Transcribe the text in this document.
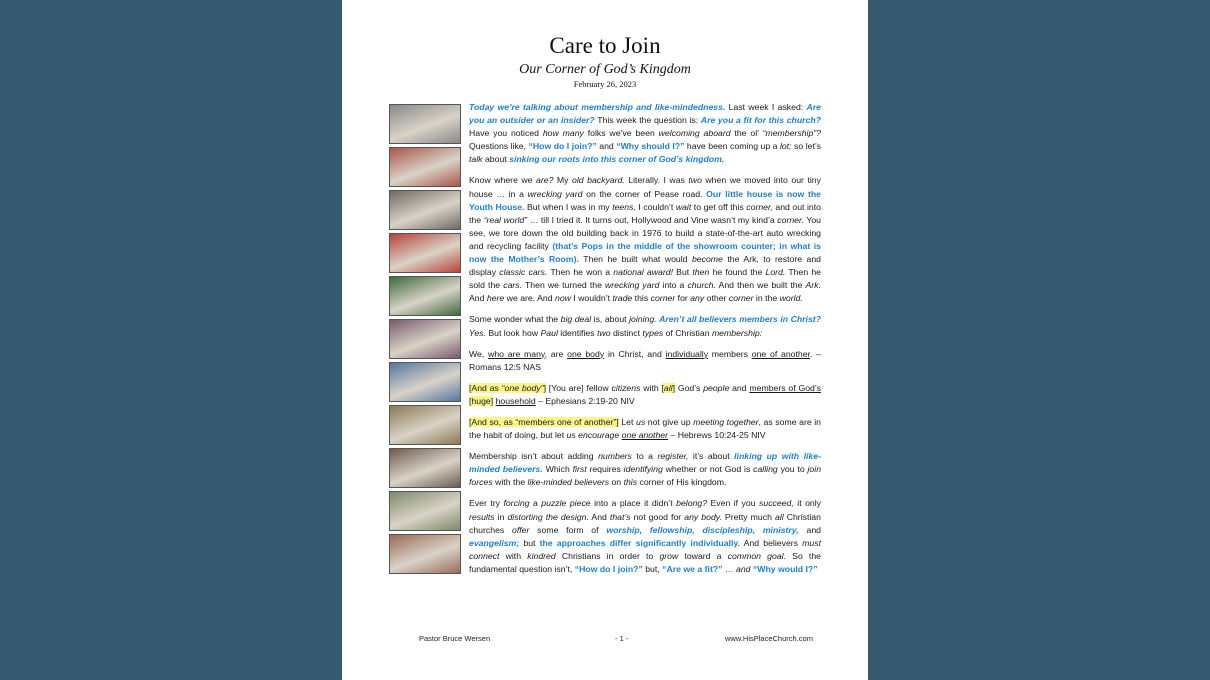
Care to Join
Our Corner of God’s Kingdom
February 26, 2023

Today we’re talking about membership and like-mindedness. Last week I asked: Are you an outsider or an insider? This week the question is: Are you a fit for this church? Have you noticed how many folks we’ve been welcoming aboard the ol’ “membership”? Questions like, “How do I join?” and “Why should I?” have been coming up a lot; so let’s talk about sinking our roots into this corner of God’s kingdom.

Know where we are? My old backyard. Literally. I was two when we moved into our tiny house … in a wrecking yard on the corner of Pease road. Our little house is now the Youth House. But when I was in my teens, I couldn’t wait to get off this corner, and out into the “real world” … till I tried it. It turns out, Hollywood and Vine wasn’t my kind’a corner. You see, we tore down the old building back in 1976 to build a state-of-the-art auto wrecking and recycling facility (that’s Pops in the middle of the showroom counter; in what is now the Mother’s Room). Then he built what would become the Ark, to restore and display classic cars. Then he won a national award! But then he found the Lord. Then he sold the cars. Then we turned the wrecking yard into a church. And then we built the Ark. And here we are. And now I wouldn’t trade this corner for any other corner in the world.

Some wonder what the big deal is, about joining. Aren’t all believers members in Christ? Yes. But look how Paul identifies two distinct types of Christian membership:

We, who are many, are one body in Christ, and individually members one of another. – Romans 12:5 NAS

[And as “one body”] [You are] fellow citizens with [all] God’s people and members of God’s [huge] household – Ephesians 2:19-20 NIV

[And so, as “members one of another”] Let us not give up meeting together, as some are in the habit of doing, but let us encourage one another – Hebrews 10:24-25 NIV

Membership isn’t about adding numbers to a register, it’s about linking up with like-minded believers. Which first requires identifying whether or not God is calling you to join forces with the like-minded believers on this corner of His kingdom.

Ever try forcing a puzzle piece into a place it didn’t belong? Even if you succeed, it only results in distorting the design. And that’s not good for any body. Pretty much all Christian churches offer some form of worship, fellowship, discipleship, ministry, and evangelism; but the approaches differ significantly individually. And believers must connect with kindred Christians in order to grow toward a common goal. So the fundamental question isn’t, “How do I join?” but, “Are we a fit?” … and “Why would I?”

Pastor Bruce Wersen	- 1 -	www.HisPlaceChurch.com
